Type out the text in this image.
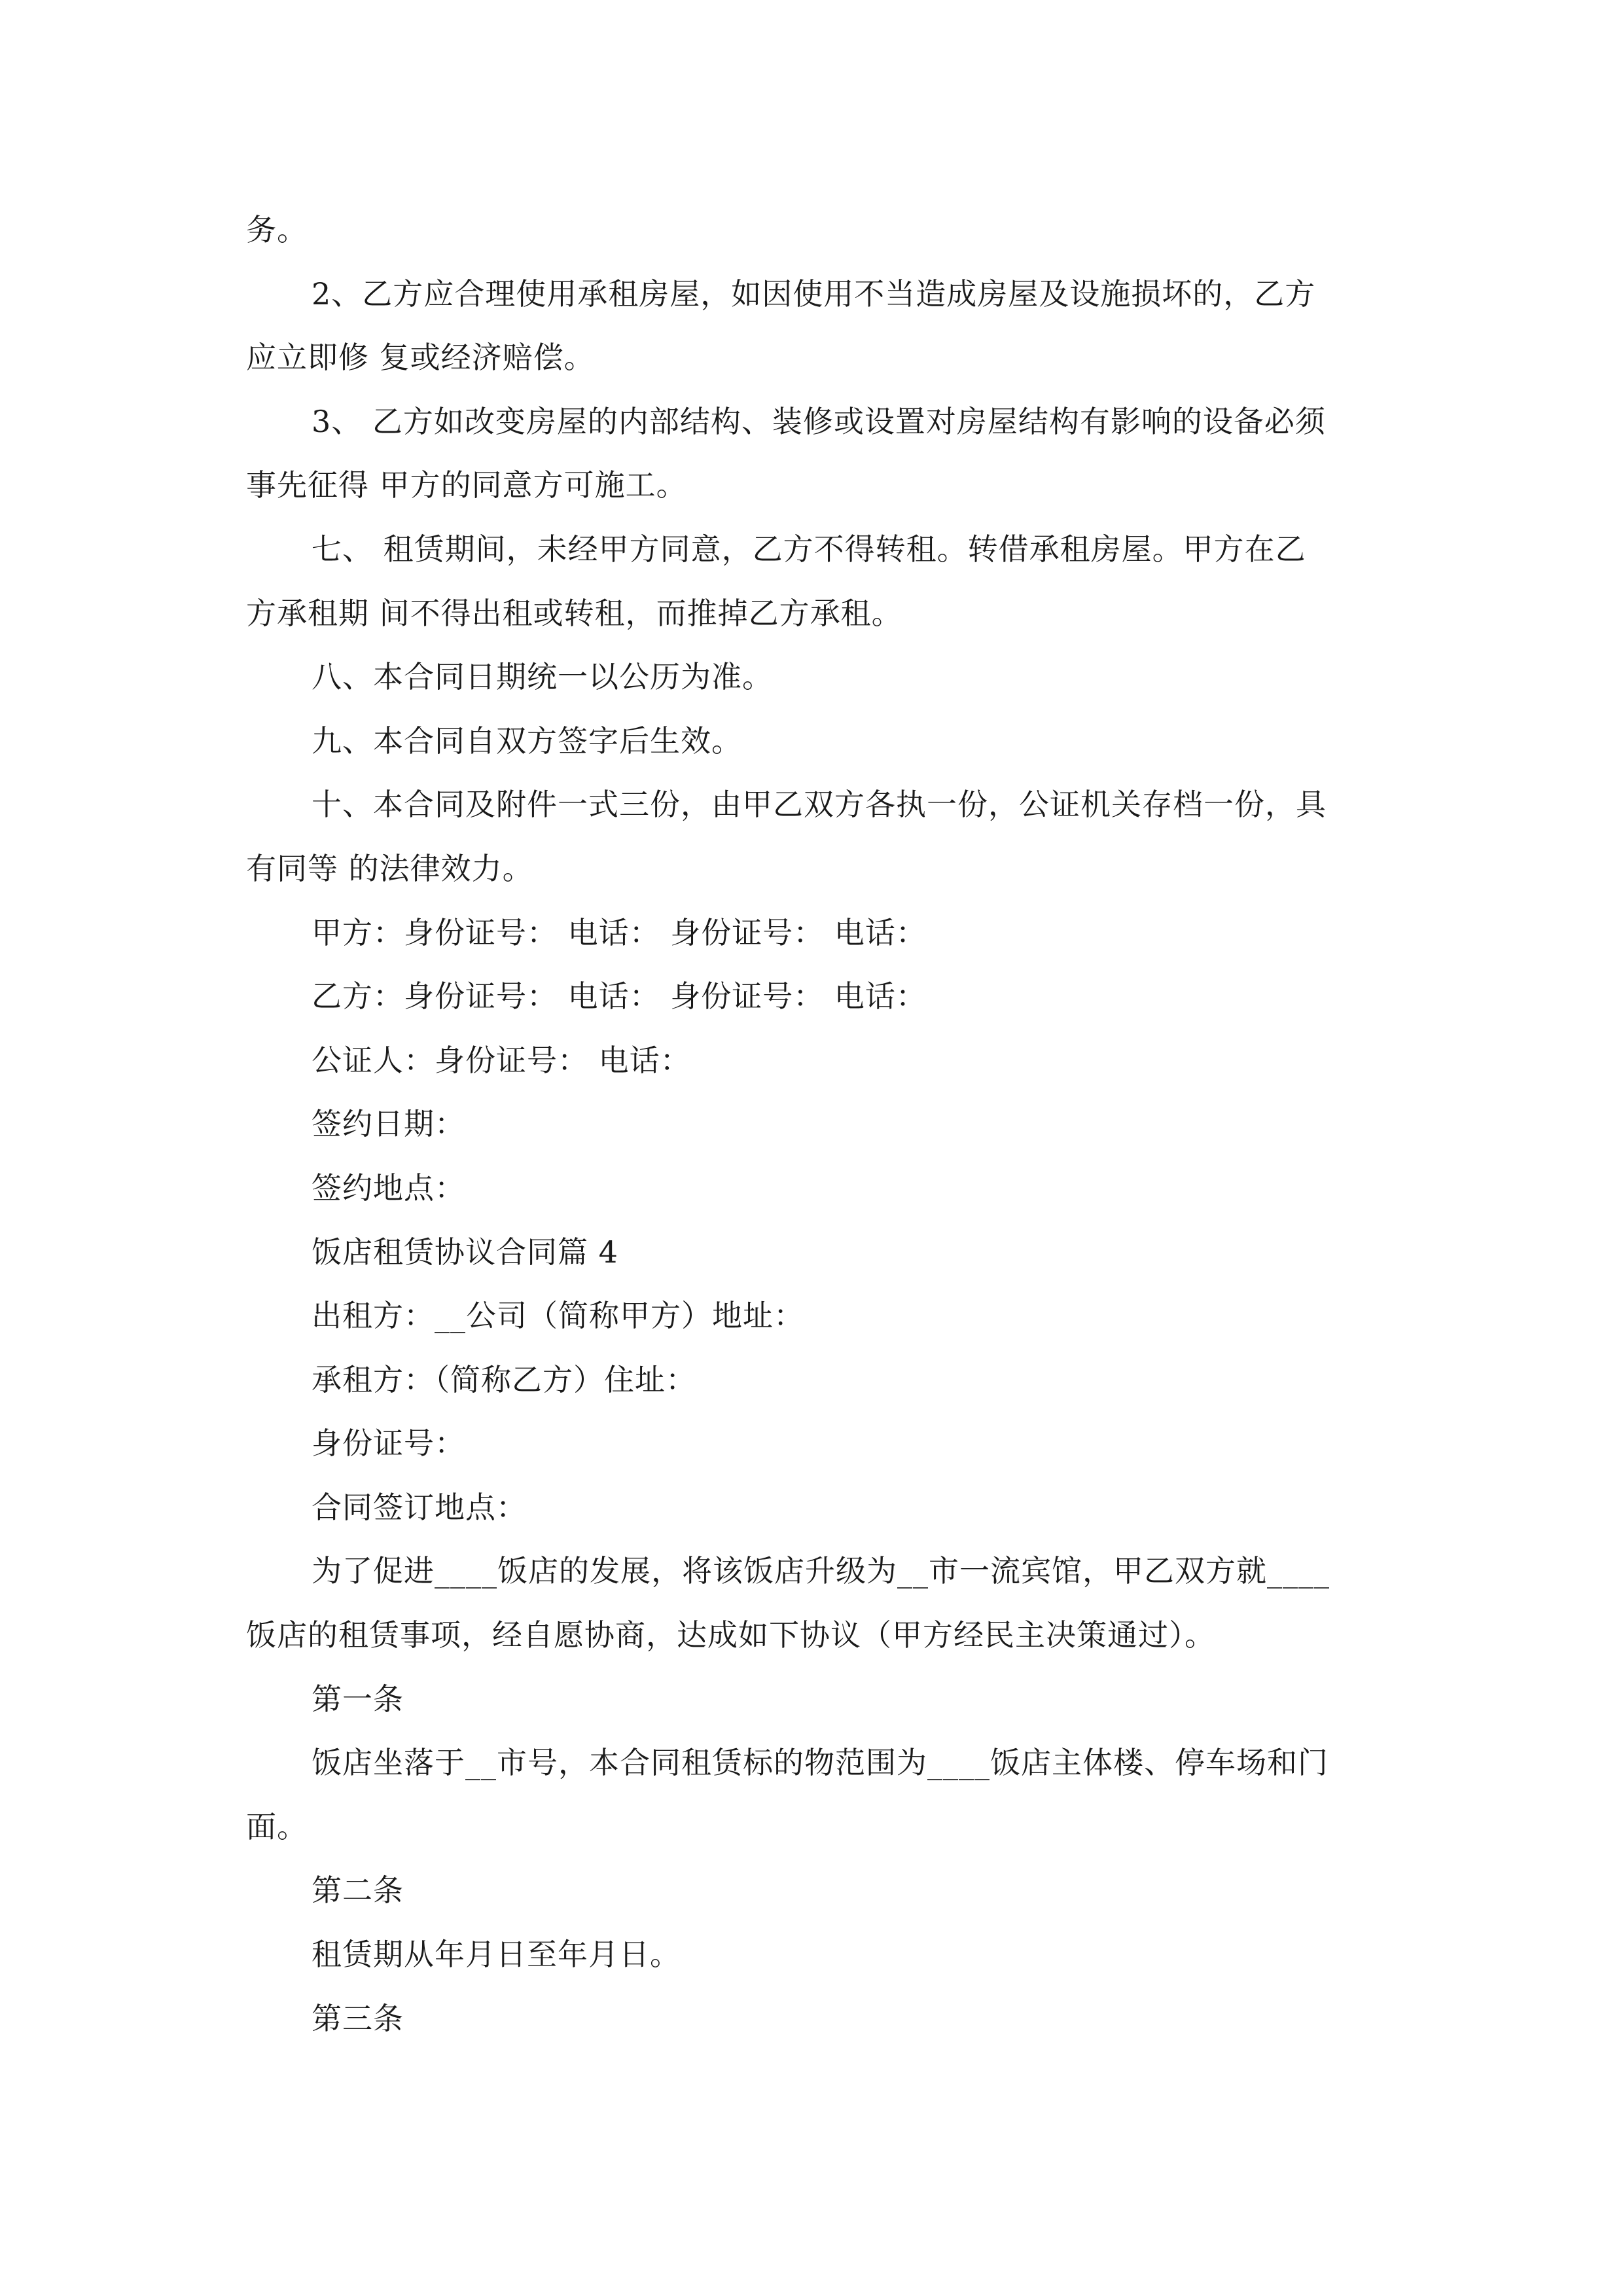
务。
2、乙方应合理使用承租房屋，如因使用不当造成房屋及设施损坏的，乙方
应立即修 复或经济赔偿。
3、 乙方如改变房屋的内部结构、装修或设置对房屋结构有影响的设备必须
事先征得 甲方的同意方可施工。
七、 租赁期间，未经甲方同意，乙方不得转租。转借承租房屋。甲方在乙
方承租期 间不得出租或转租，而推掉乙方承租。
八、本合同日期统一以公历为准。
九、本合同自双方签字后生效。
十、本合同及附件一式三份，由甲乙双方各执一份，公证机关存档一份，具
有同等 的法律效力。
甲方：身份证号： 电话： 身份证号： 电话：
乙方：身份证号： 电话： 身份证号： 电话：
公证人：身份证号： 电话：
签约日期：
签约地点：
饭店租赁协议合同篇 4
出租方：__公司（简称甲方）地址：
承租方：（简称乙方）住址：
身份证号：
合同签订地点：
为了促进____饭店的发展，将该饭店升级为__市一流宾馆，甲乙双方就____
饭店的租赁事项，经自愿协商，达成如下协议（甲方经民主决策通过）。
第一条
饭店坐落于__市号，本合同租赁标的物范围为____饭店主体楼、停车场和门
面。
第二条
租赁期从年月日至年月日。
第三条
